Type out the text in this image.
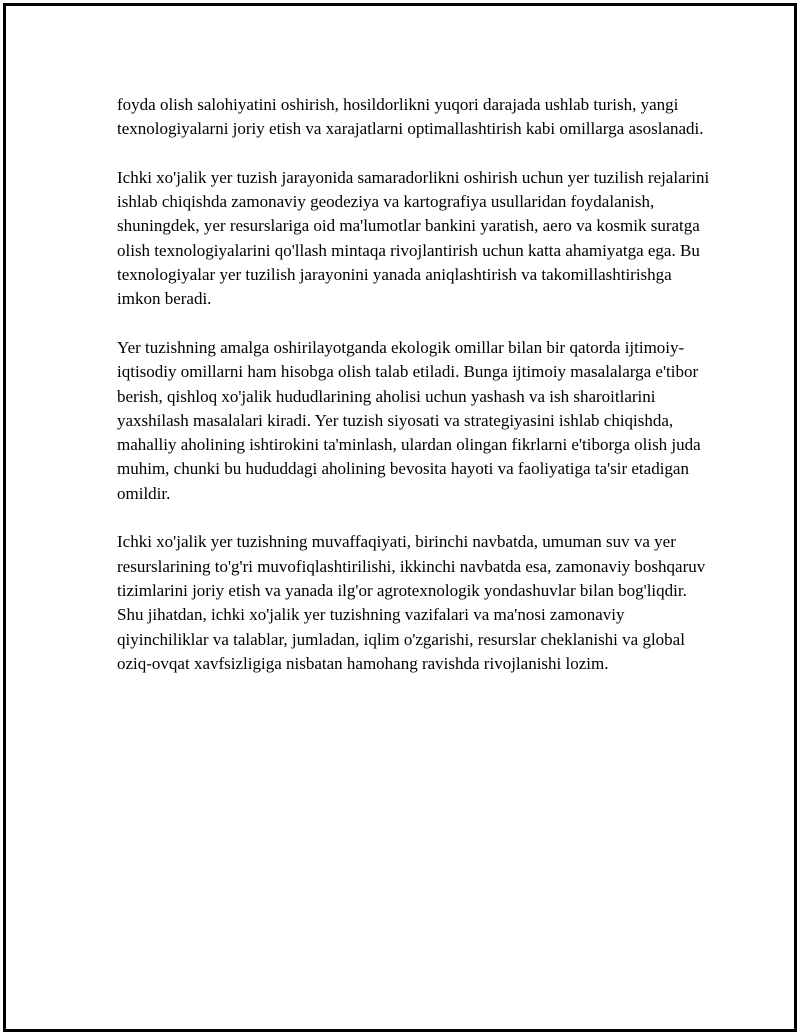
foyda olish salohiyatini oshirish, hosildorlikni yuqori darajada ushlab turish, yangi texnologiyalarni joriy etish va xarajatlarni optimallashtirish kabi omillarga asoslanadi.

Ichki xo'jalik yer tuzish jarayonida samaradorlikni oshirish uchun yer tuzilish rejalarini ishlab chiqishda zamonaviy geodeziya va kartografiya usullaridan foydalanish, shuningdek, yer resurslariga oid ma'lumotlar bankini yaratish, aero va kosmik suratga olish texnologiyalarini qo'llash mintaqa rivojlantirish uchun katta ahamiyatga ega. Bu texnologiyalar yer tuzilish jarayonini yanada aniqlashtirish va takomillashtirishga imkon beradi.

Yer tuzishning amalga oshirilayotganda ekologik omillar bilan bir qatorda ijtimoiy-iqtisodiy omillarni ham hisobga olish talab etiladi. Bunga ijtimoiy masalalarga e'tibor berish, qishloq xo'jalik hududlarining aholisi uchun yashash va ish sharoitlarini yaxshilash masalalari kiradi. Yer tuzish siyosati va strategiyasini ishlab chiqishda, mahalliy aholining ishtirokini ta'minlash, ulardan olingan fikrlarni e'tiborga olish juda muhim, chunki bu hududdagi aholining bevosita hayoti va faoliyatiga ta'sir etadigan omildir.

Ichki xo'jalik yer tuzishning muvaffaqiyati, birinchi navbatda, umuman suv va yer resurslarining to'g'ri muvofiqlashtirilishi, ikkinchi navbatda esa, zamonaviy boshqaruv tizimlarini joriy etish va yanada ilg'or agrotexnologik yondashuvlar bilan bog'liqdir. Shu jihatdan, ichki xo'jalik yer tuzishning vazifalari va ma'nosi zamonaviy qiyinchiliklar va talablar, jumladan, iqlim o'zgarishi, resurslar cheklanishi va global oziq-ovqat xavfsizligiga nisbatan hamohang ravishda rivojlanishi lozim.
